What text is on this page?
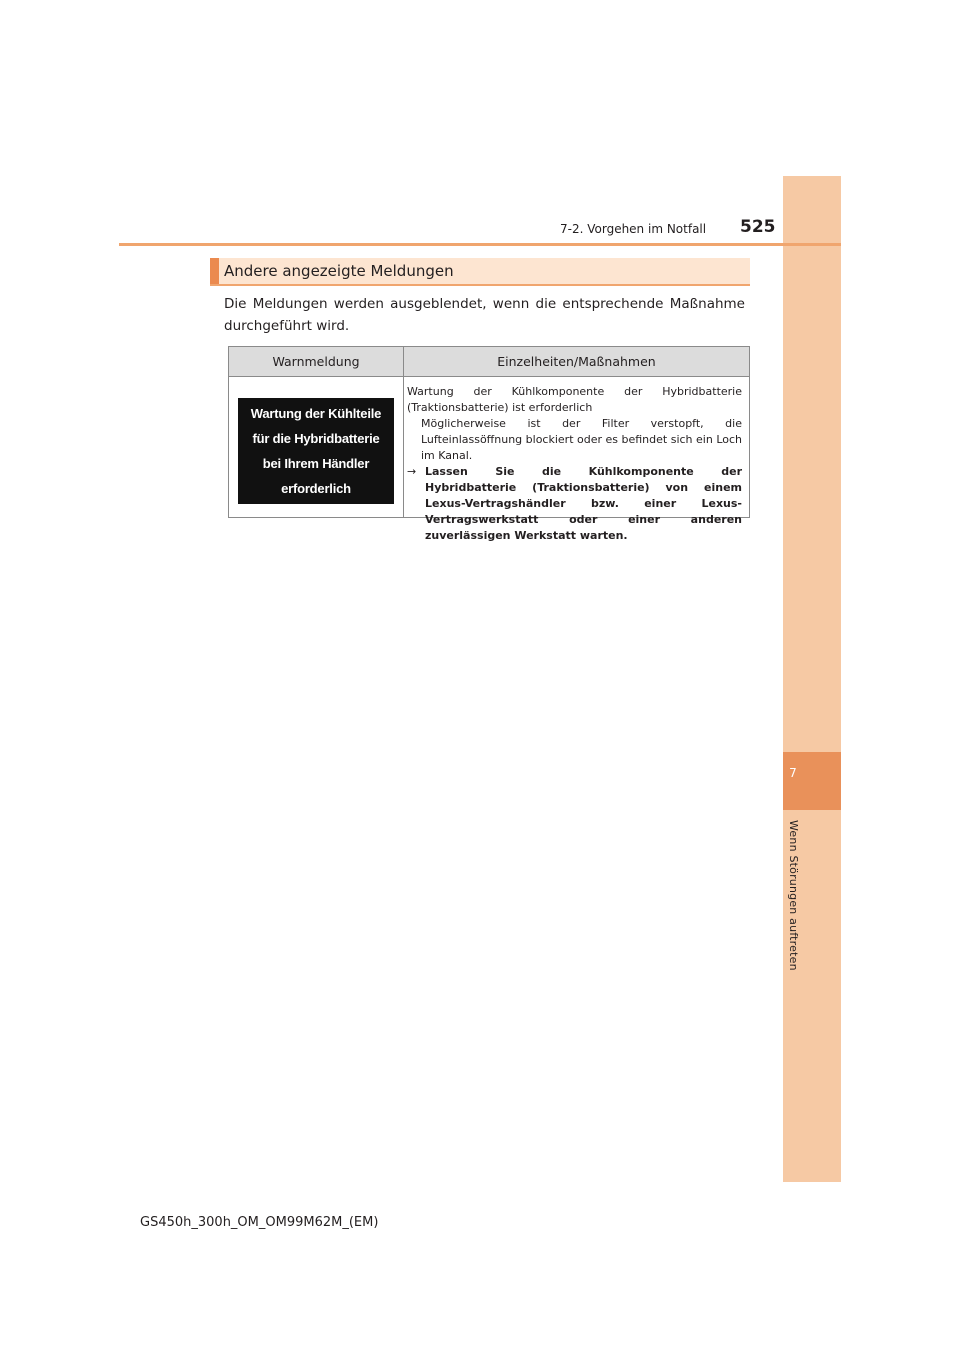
7
Wenn Störungen auftreten
7-2. Vorgehen im Notfall 525
Andere angezeigte Meldungen
Die Meldungen werden ausgeblendet, wenn die entsprechende Maßnahme durchgeführt wird.
Warnmeldung	Einzelheiten/Maßnahmen
Wartung der Kühlteile
für die Hybridbatterie
bei Ihrem Händler
erforderlich
Wartung der Kühlkomponente der Hybridbatterie (Traktionsbatterie) ist erforderlich
Möglicherweise ist der Filter verstopft, die Lufteinlassöffnung blockiert oder es befindet sich ein Loch im Kanal.
→ Lassen Sie die Kühlkomponente der Hybridbatterie (Traktionsbatterie) von einem Lexus-Vertragshändler bzw. einer Lexus-Vertragswerkstatt oder einer anderen zuverlässigen Werkstatt warten.
GS450h_300h_OM_OM99M62M_(EM)
